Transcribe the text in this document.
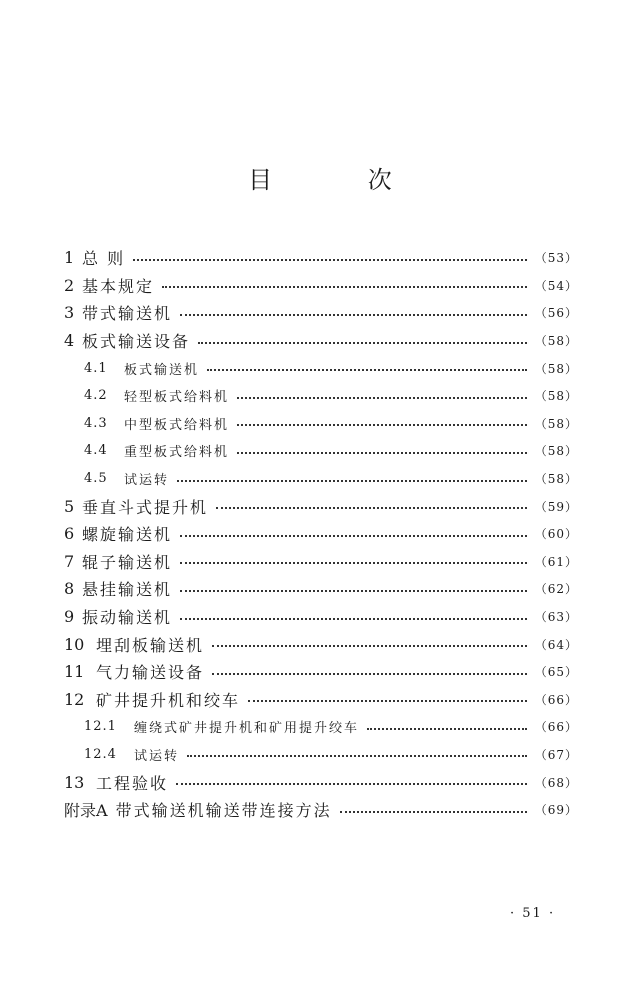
目 次
1 总 则	（53）
2 基本规定	（54）
3 带式输送机	（56）
4 板式输送设备	（58）
4.1	板式输送机	（58）
4.2	轻型板式给料机	（58）
4.3	中型板式给料机	（58）
4.4	重型板式给料机	（58）
4.5	试运转	（58）
5 垂直斗式提升机	（59）
6 螺旋输送机	（60）
7 辊子输送机	（61）
8 悬挂输送机	（62）
9 振动输送机	（63）
10 埋刮板输送机	（64）
11 气力输送设备	（65）
12 矿井提升机和绞车	（66）
12.1	缠绕式矿井提升机和矿用提升绞车	（66）
12.4	试运转	（67）
13 工程验收	（68）
附录A 带式输送机输送带连接方法	（69）
· 51 ·
